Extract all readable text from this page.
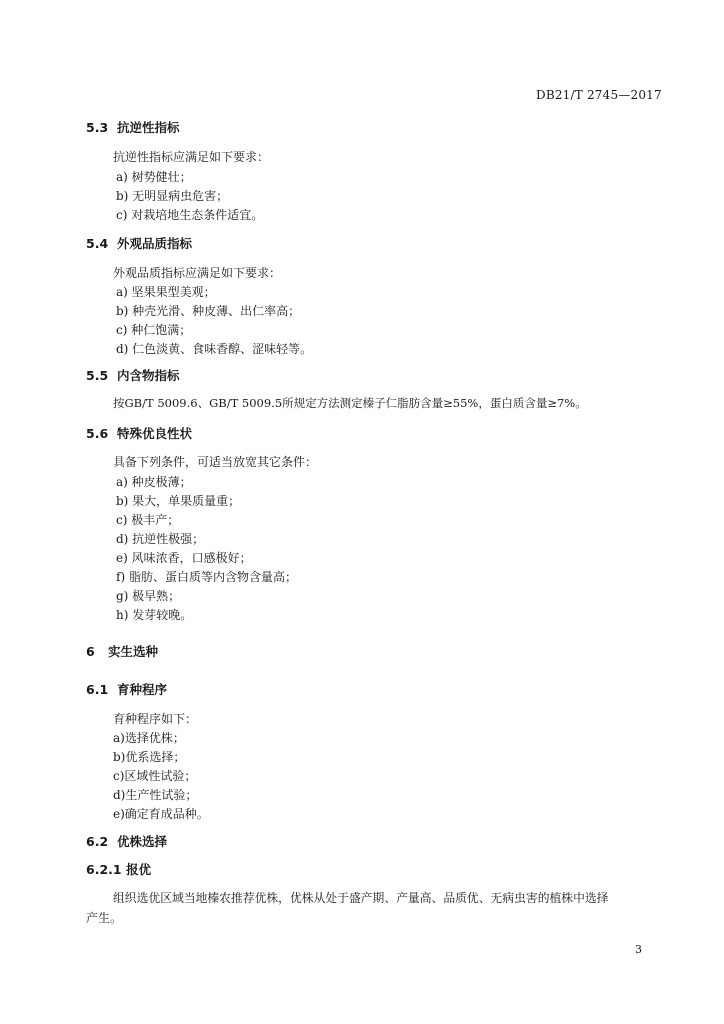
DB21/T 2745—2017
5.3 抗逆性指标
抗逆性指标应满足如下要求：
a) 树势健壮；
b) 无明显病虫危害；
c) 对栽培地生态条件适宜。
5.4 外观品质指标
外观品质指标应满足如下要求：
a) 坚果果型美观；
b) 种壳光滑、种皮薄、出仁率高；
c) 种仁饱满；
d) 仁色淡黄、食味香醇、涩味轻等。
5.5 内含物指标
按GB/T 5009.6、GB/T 5009.5所规定方法测定榛子仁脂肪含量≥55%，蛋白质含量≥7%。
5.6 特殊优良性状
具备下列条件，可适当放宽其它条件：
a) 种皮极薄；
b) 果大，单果质量重；
c) 极丰产；
d) 抗逆性极强；
e) 风味浓香，口感极好；
f) 脂肪、蛋白质等内含物含量高；
g) 极早熟；
h) 发芽较晚。
6 实生选种
6.1 育种程序
育种程序如下：
a)选择优株；
b)优系选择；
c)区域性试验；
d)生产性试验；
e)确定育成品种。
6.2 优株选择
6.2.1 报优
组织选优区域当地榛农推荐优株，优株从处于盛产期、产量高、品质优、无病虫害的植株中选择
产生。
3
